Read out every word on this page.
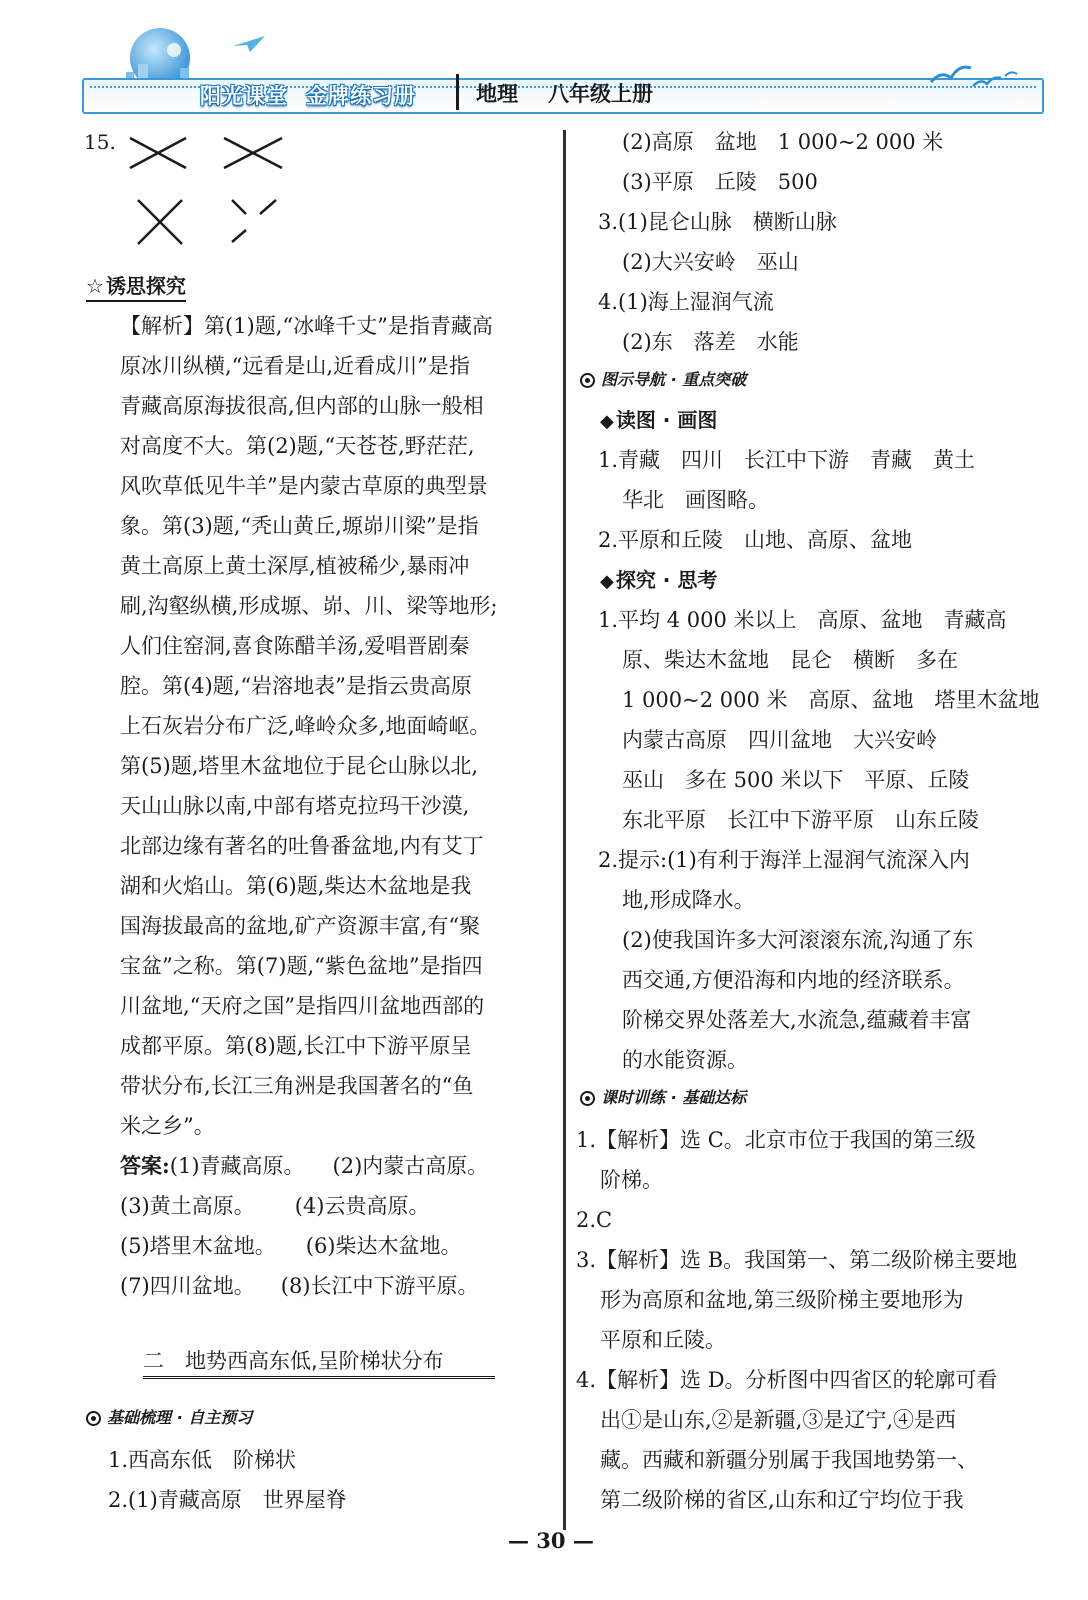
阳光课堂 金牌练习册	地理 八年级上册
15.
☆ 诱思探究
【解析】第(1)题,“冰峰千丈”是指青藏高
原冰川纵横,“远看是山,近看成川”是指
青藏高原海拔很高,但内部的山脉一般相
对高度不大。第(2)题,“天苍苍,野茫茫,
风吹草低见牛羊”是内蒙古草原的典型景
象。第(3)题,“秃山黄丘,塬峁川梁”是指
黄土高原上黄土深厚,植被稀少,暴雨冲
刷,沟壑纵横,形成塬、峁、川、梁等地形;
人们住窑洞,喜食陈醋羊汤,爱唱晋剧秦
腔。第(4)题,“岩溶地表”是指云贵高原
上石灰岩分布广泛,峰岭众多,地面崎岖。
第(5)题,塔里木盆地位于昆仑山脉以北,
天山山脉以南,中部有塔克拉玛干沙漠,
北部边缘有著名的吐鲁番盆地,内有艾丁
湖和火焰山。第(6)题,柴达木盆地是我
国海拔最高的盆地,矿产资源丰富,有“聚
宝盆”之称。第(7)题,“紫色盆地”是指四
川盆地,“天府之国”是指四川盆地西部的
成都平原。第(8)题,长江中下游平原呈
带状分布,长江三角洲是我国著名的“鱼
米之乡”。
答案:(1)青藏高原。 (2)内蒙古高原。
(3)黄土高原。 (4)云贵高原。
(5)塔里木盆地。 (6)柴达木盆地。
(7)四川盆地。 (8)长江中下游平原。
二　地势西高东低,呈阶梯状分布
基础梳理 · 自主预习
1.西高东低　阶梯状
2.(1)青藏高原　世界屋脊
(2)高原　盆地　1 000~2 000 米
(3)平原　丘陵　500
3.(1)昆仑山脉　横断山脉
(2)大兴安岭　巫山
4.(1)海上湿润气流
(2)东　落差　水能
图示导航 · 重点突破
◆ 读图 · 画图
1.青藏　四川　长江中下游　青藏　黄土
华北　画图略。
2.平原和丘陵　山地、高原、盆地
◆ 探究 · 思考
1.平均 4 000 米以上　高原、盆地　青藏高
原、柴达木盆地　昆仑　横断　多在
1 000~2 000 米　高原、盆地　塔里木盆地
内蒙古高原　四川盆地　大兴安岭
巫山　多在 500 米以下　平原、丘陵
东北平原　长江中下游平原　山东丘陵
2.提示:(1)有利于海洋上湿润气流深入内
地,形成降水。
(2)使我国许多大河滚滚东流,沟通了东
西交通,方便沿海和内地的经济联系。
阶梯交界处落差大,水流急,蕴藏着丰富
的水能资源。
课时训练 · 基础达标
1.【解析】选 C。北京市位于我国的第三级
阶梯。
2.C
3.【解析】选 B。我国第一、第二级阶梯主要地
形为高原和盆地,第三级阶梯主要地形为
平原和丘陵。
4.【解析】选 D。分析图中四省区的轮廓可看
出①是山东,②是新疆,③是辽宁,④是西
藏。西藏和新疆分别属于我国地势第一、
第二级阶梯的省区,山东和辽宁均位于我
— 30 —
